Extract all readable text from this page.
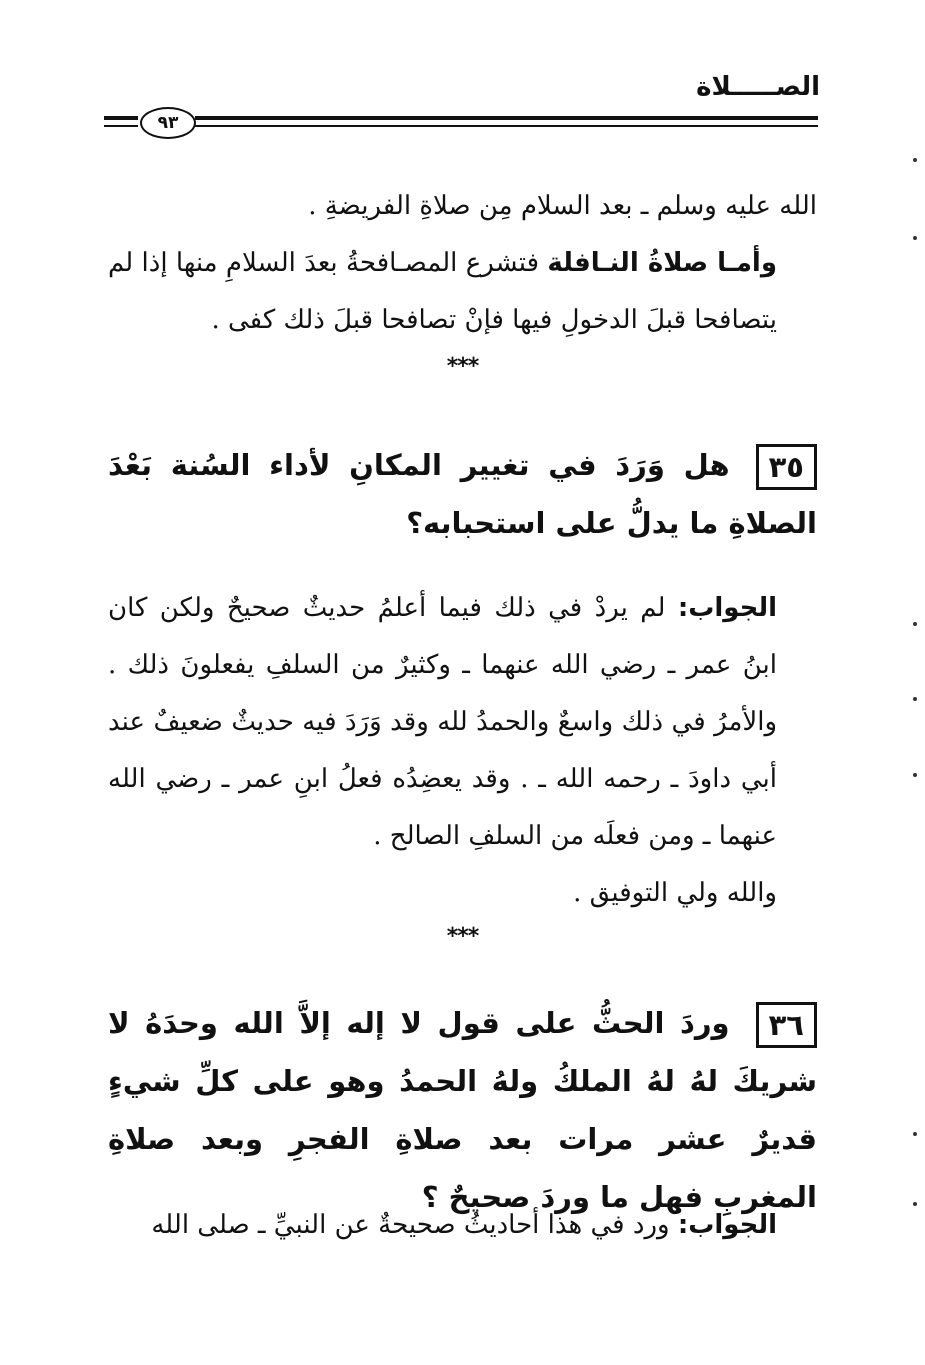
الصـــــلاة
٩٣
الله عليه وسلم ـ بعد السلام مِن صلاةِ الفريضةِ .
وأمـا صلاةُ النـافلة فتشرع المصـافحةُ بعدَ السلامِ منها إذا لم يتصافحا قبلَ الدخولِ فيها فإنْ تصافحا قبلَ ذلك كفى .
***
٣٥هل وَرَدَ في تغيير المكانِ لأداء السُنة بَعْدَ الصلاةِ ما يدلُّ على استحبابه؟
الجواب: لم يردْ في ذلك فيما أعلمُ حديثٌ صحيحٌ ولكن كان ابنُ عمر ـ رضي الله عنهما ـ وكثيرٌ من السلفِ يفعلونَ ذلك . والأمرُ في ذلك واسعٌ والحمدُ لله وقد وَرَدَ فيه حديثٌ ضعيفٌ عند أبي داودَ ـ رحمه الله ـ . وقد يعضِدُه فعلُ ابنِ عمر ـ رضي الله عنهما ـ ومن فعلَه من السلفِ الصالح .
والله ولي التوفيق .
***
٣٦وردَ الحثُّ على قول لا إله إلاَّ الله وحدَهُ لا شريكَ لهُ لهُ الملكُ ولهُ الحمدُ وهو على كلِّ شيءٍ قديرٌ عشر مرات بعد صلاةِ الفجرِ وبعد صلاةِ المغربِ فهل ما وردَ صحيحٌ ؟
الجواب: ورد في هذا أحاديثُ صحيحةٌ عن النبيِّ ـ صلى الله
